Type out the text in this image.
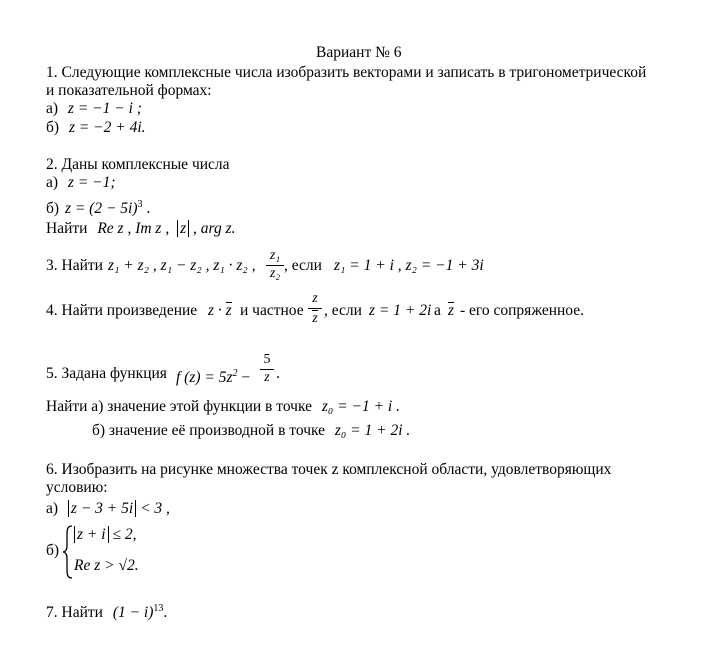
Вариант № 6
1. Следующие комплексные числа изобразить векторами и записать в тригонометрической
и показательной формах:
а) z = −1 − i ;
б) z = −2 + 4i.
2. Даны комплексные числа
а) z = −1;
б) $z = (2 - 5i)^3$ .
Найти Re z , Im z , z , arg z.
3. Найти z₁ + z₂ , z₁ − z₂ , z₁ · z₂ ,
z₁
z₂ , если z₁ = 1 + i , z₂ = −1 + 3i
4. Найти произведение z · z и частное $\frac{z}{z}$ , если z = 1 + 2i а z - его сопряженное.
5. Задана функция f $(z) = 5z^2$ −
5
z .
Найти а) значение этой функции в точке z₀ = −1 + i .
б) значение её производной в точке z₀ = 1 + 2i .
6. Изобразить на рисунке множества точек z комплексной области, удовлетворяющих
условию:
а) z − 3 + 5i < 3 ,
б)
z + i ≤ 2,
Re z > √2.
7. Найти $(1 - i)^{13}$.
